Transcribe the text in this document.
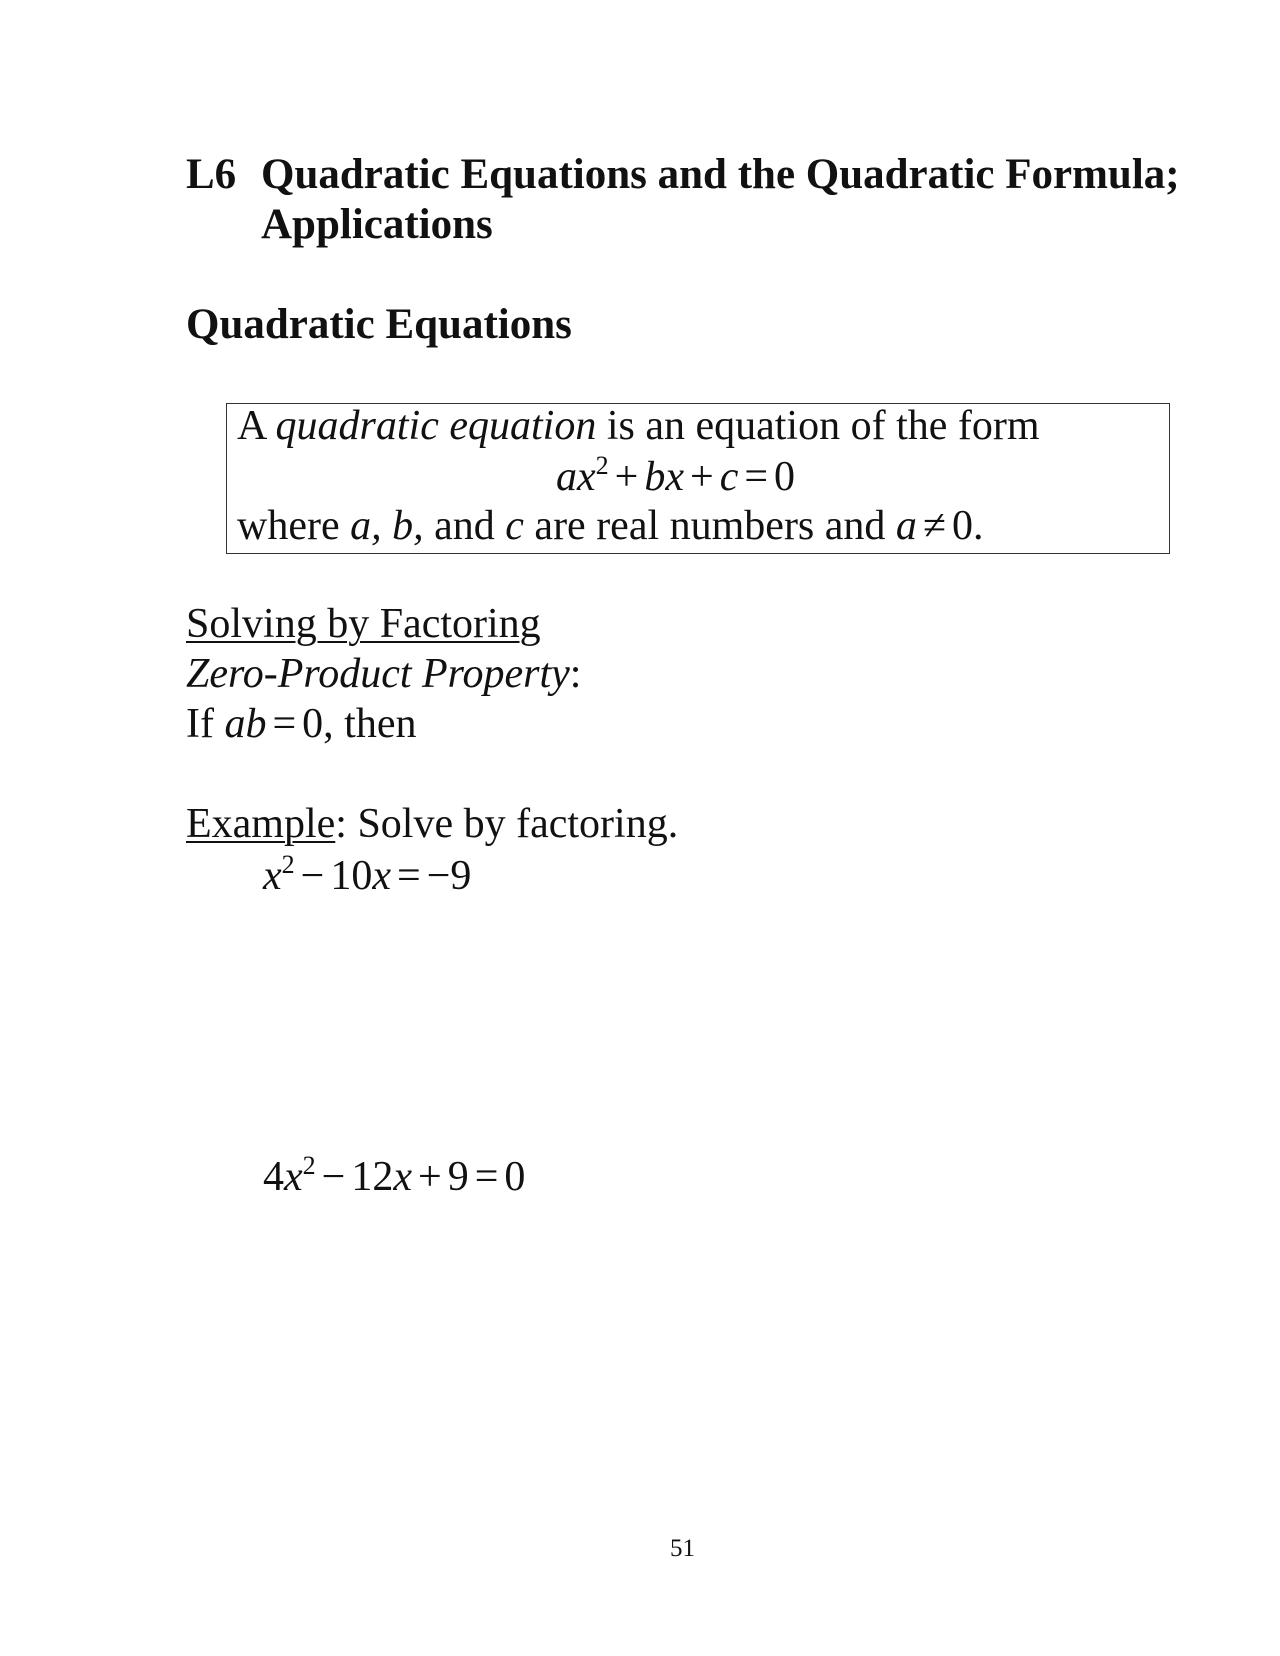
L6 Quadratic Equations and the Quadratic Formula;
Applications
Quadratic Equations
A quadratic equation is an equation of the form
$ax^2$ + bx + c = 0
where a, b, and c are real numbers and a ≠ 0.
Solving by Factoring
Zero-Product Property:
If ab = 0, then
Example: Solve by factoring.
$x^2 - 10x = -9$
$4x^2 - 12x + 9 = 0$
51
